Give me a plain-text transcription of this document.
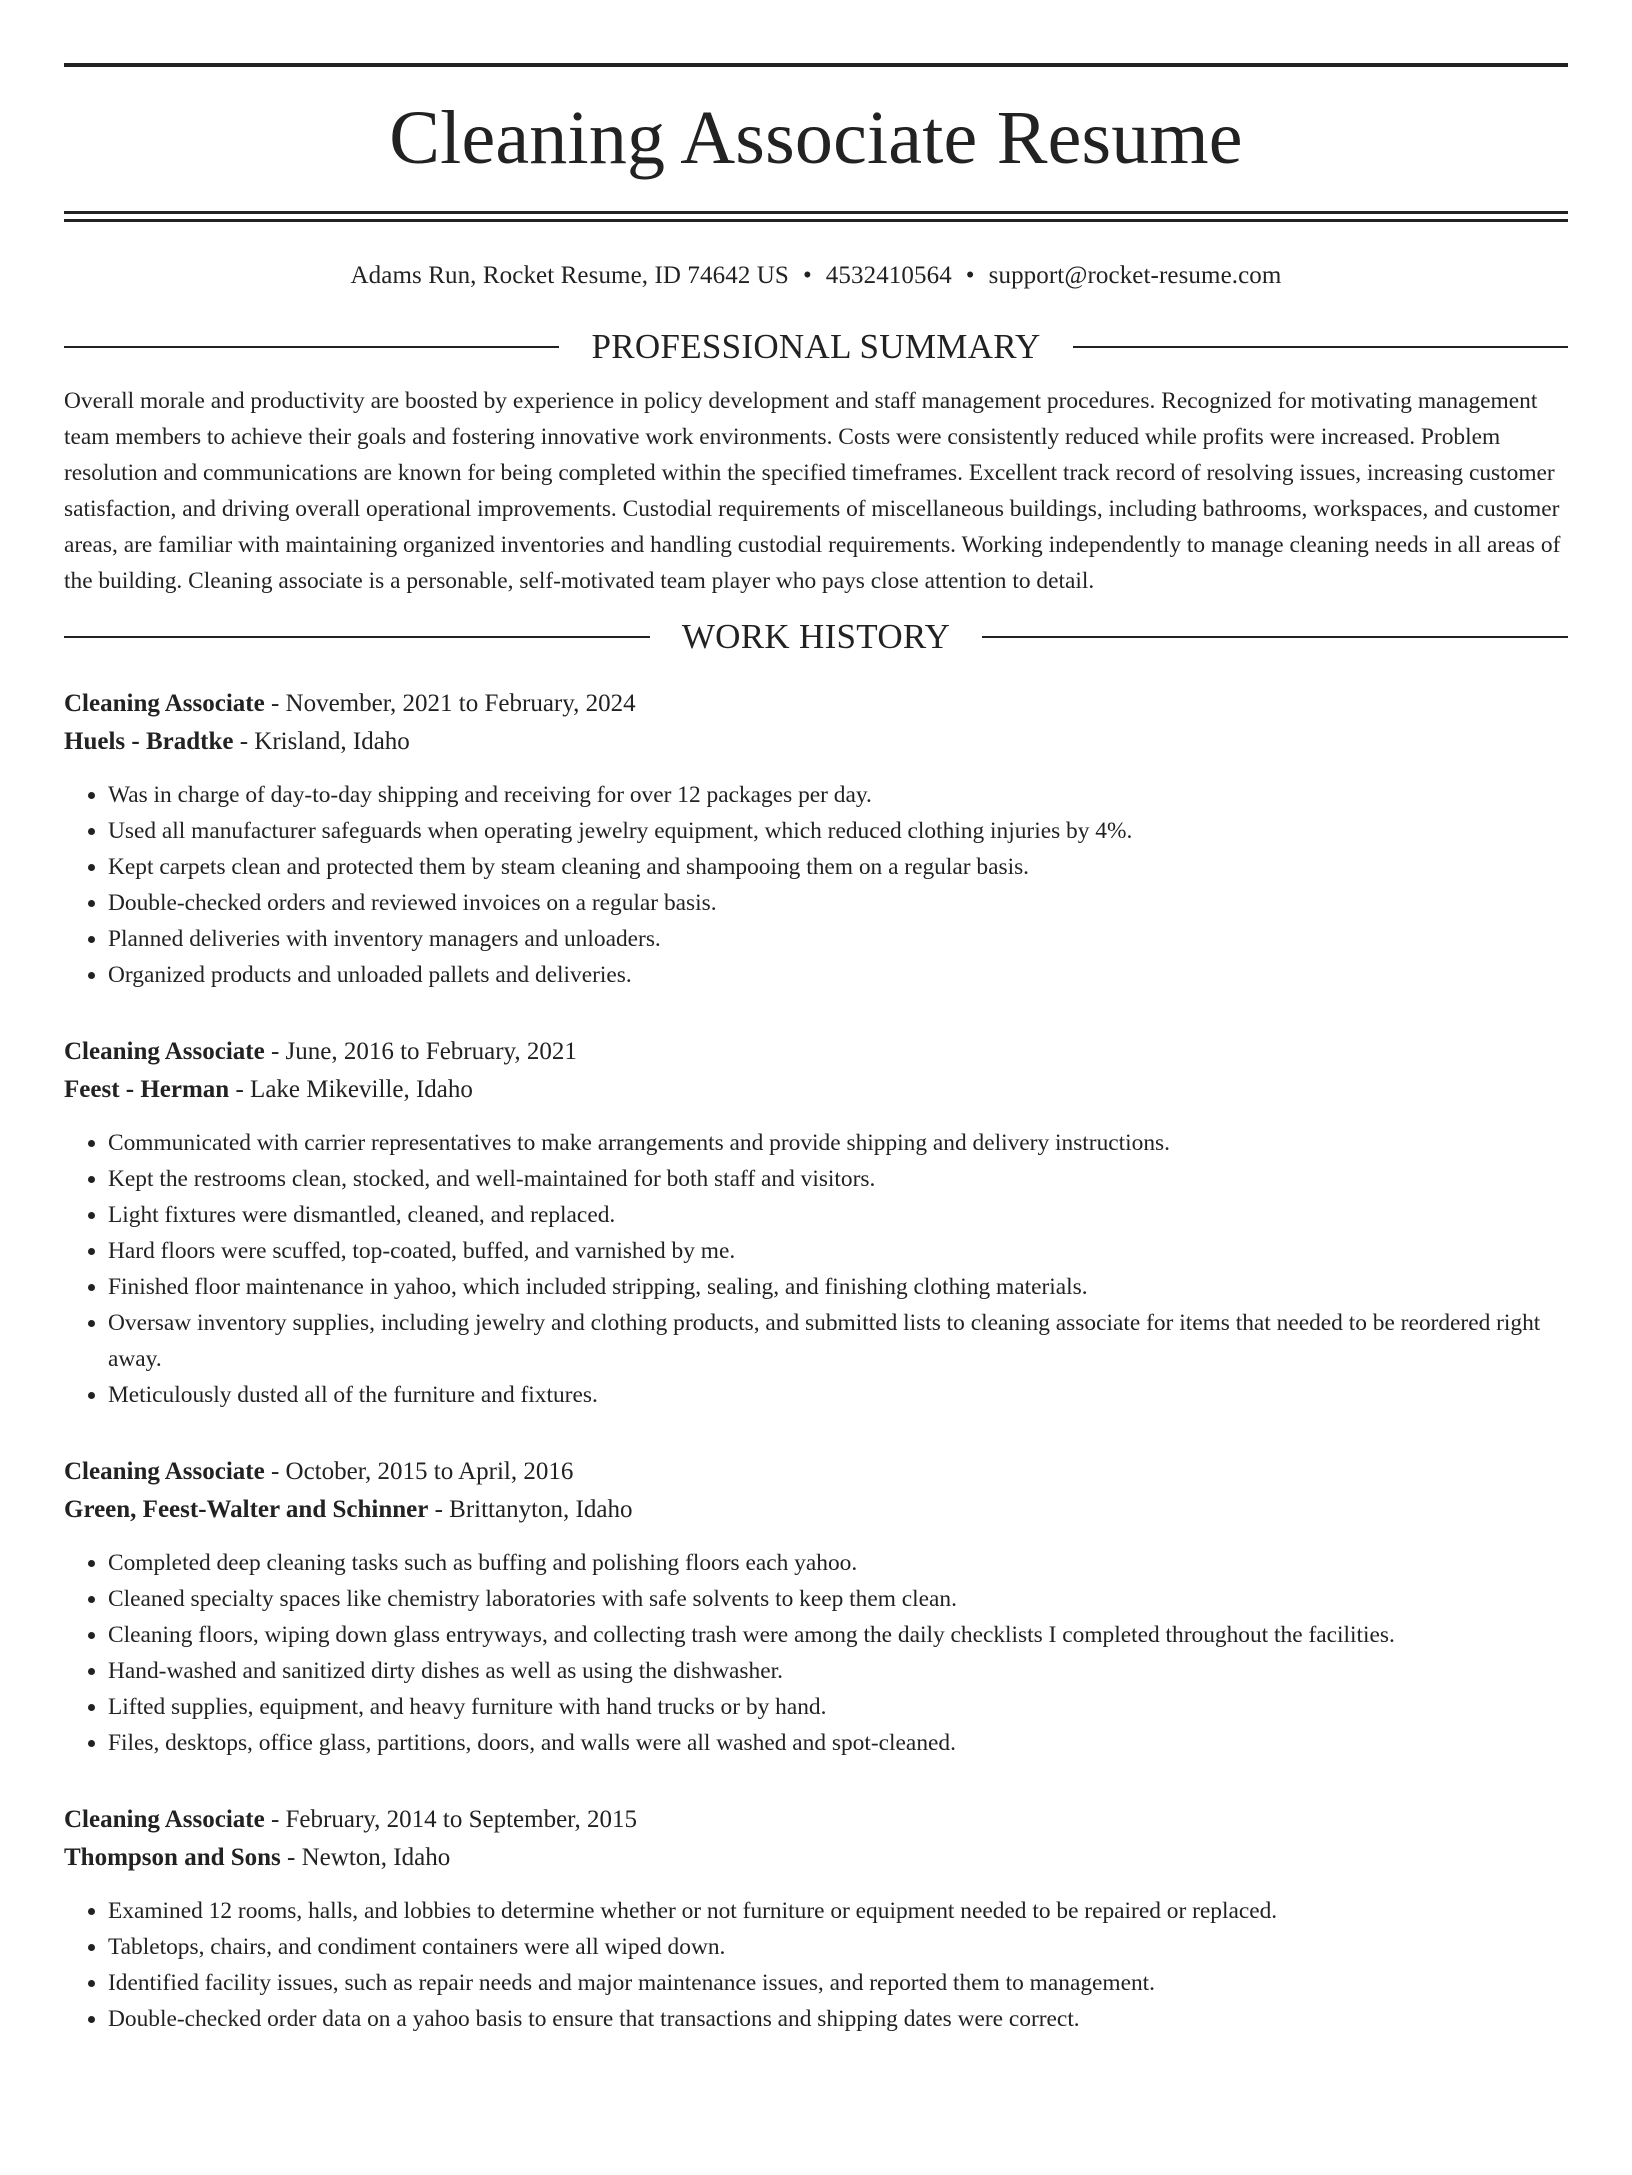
Cleaning Associate Resume
Adams Run, Rocket Resume, ID 74642 US • 4532410564 • support@rocket-resume.com
PROFESSIONAL SUMMARY

Overall morale and productivity are boosted by experience in policy development and staff management procedures. Recognized for motivating management team members to achieve their goals and fostering innovative work environments. Costs were consistently reduced while profits were increased. Problem resolution and communications are known for being completed within the specified timeframes. Excellent track record of resolving issues, increasing customer satisfaction, and driving overall operational improvements. Custodial requirements of miscellaneous buildings, including bathrooms, workspaces, and customer areas, are familiar with maintaining organized inventories and handling custodial requirements. Working independently to manage cleaning needs in all areas of the building. Cleaning associate is a personable, self-motivated team player who pays close attention to detail.

WORK HISTORY
Cleaning Associate - November, 2021 to February, 2024
Huels - Bradtke - Krisland, Idaho
• Was in charge of day-to-day shipping and receiving for over 12 packages per day.
• Used all manufacturer safeguards when operating jewelry equipment, which reduced clothing injuries by 4%.
• Kept carpets clean and protected them by steam cleaning and shampooing them on a regular basis.
• Double-checked orders and reviewed invoices on a regular basis.
• Planned deliveries with inventory managers and unloaders.
• Organized products and unloaded pallets and deliveries.
Cleaning Associate - June, 2016 to February, 2021
Feest - Herman - Lake Mikeville, Idaho
• Communicated with carrier representatives to make arrangements and provide shipping and delivery instructions.
• Kept the restrooms clean, stocked, and well-maintained for both staff and visitors.
• Light fixtures were dismantled, cleaned, and replaced.
• Hard floors were scuffed, top-coated, buffed, and varnished by me.
• Finished floor maintenance in yahoo, which included stripping, sealing, and finishing clothing materials.
• Oversaw inventory supplies, including jewelry and clothing products, and submitted lists to cleaning associate for items that needed to be reordered right away.
• Meticulously dusted all of the furniture and fixtures.
Cleaning Associate - October, 2015 to April, 2016
Green, Feest-Walter and Schinner - Brittanyton, Idaho
• Completed deep cleaning tasks such as buffing and polishing floors each yahoo.
• Cleaned specialty spaces like chemistry laboratories with safe solvents to keep them clean.
• Cleaning floors, wiping down glass entryways, and collecting trash were among the daily checklists I completed throughout the facilities.
• Hand-washed and sanitized dirty dishes as well as using the dishwasher.
• Lifted supplies, equipment, and heavy furniture with hand trucks or by hand.
• Files, desktops, office glass, partitions, doors, and walls were all washed and spot-cleaned.
Cleaning Associate - February, 2014 to September, 2015
Thompson and Sons - Newton, Idaho
• Examined 12 rooms, halls, and lobbies to determine whether or not furniture or equipment needed to be repaired or replaced.
• Tabletops, chairs, and condiment containers were all wiped down.
• Identified facility issues, such as repair needs and major maintenance issues, and reported them to management.
• Double-checked order data on a yahoo basis to ensure that transactions and shipping dates were correct.
